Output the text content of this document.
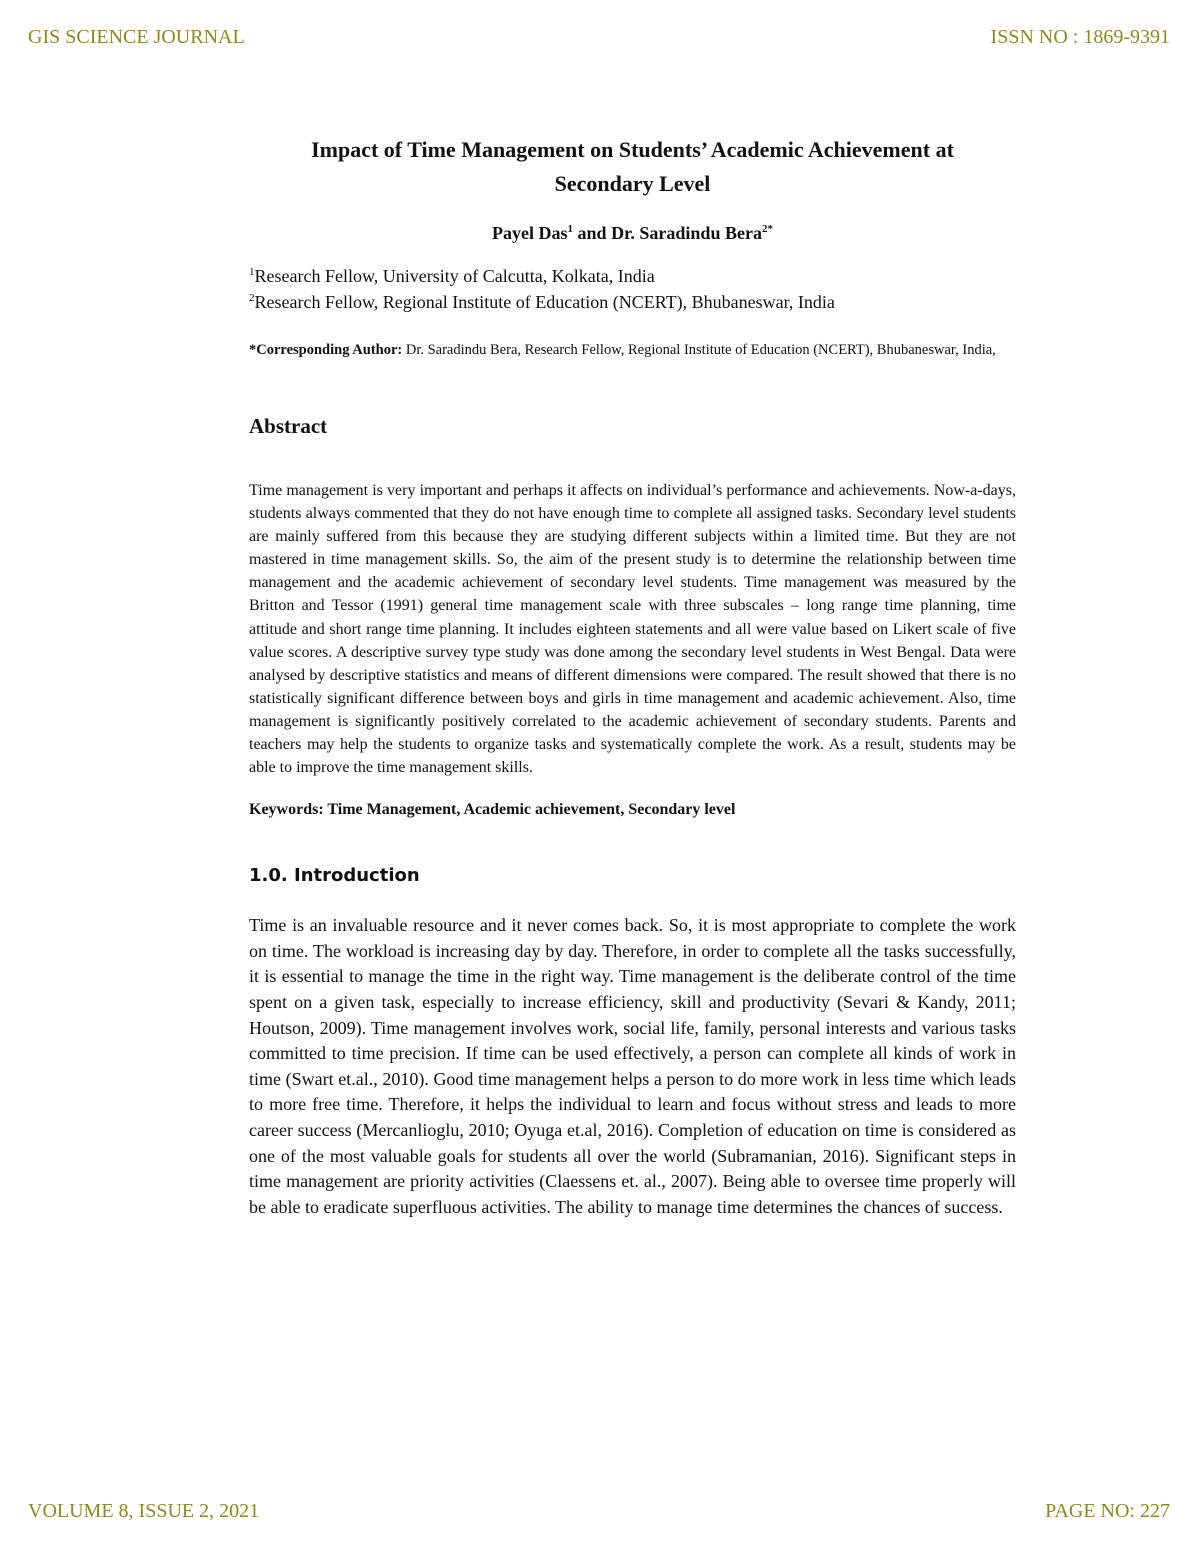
GIS SCIENCE JOURNAL	ISSN NO : 1869-9391
Impact of Time Management on Students’ Academic Achievement at
Secondary Level
Payel Das$^1$ and Dr. Saradindu Bera$^{2*}$
$^1$Research Fellow, University of Calcutta, Kolkata, India
$^2$Research Fellow, Regional Institute of Education (NCERT), Bhubaneswar, India
*Corresponding Author: Dr. Saradindu Bera, Research Fellow, Regional Institute of Education (NCERT), Bhubaneswar, India,
Abstract
Time management is very important and perhaps it affects on individual’s performance and achievements. Now-a-days, students always commented that they do not have enough time to complete all assigned tasks. Secondary level students are mainly suffered from this because they are studying different subjects within a limited time. But they are not mastered in time management skills. So, the aim of the present study is to determine the relationship between time management and the academic achievement of secondary level students. Time management was measured by the Britton and Tessor (1991) general time management scale with three subscales – long range time planning, time attitude and short range time planning. It includes eighteen statements and all were value based on Likert scale of five value scores. A descriptive survey type study was done among the secondary level students in West Bengal. Data were analysed by descriptive statistics and means of different dimensions were compared. The result showed that there is no statistically significant difference between boys and girls in time management and academic achievement. Also, time management is significantly positively correlated to the academic achievement of secondary students. Parents and teachers may help the students to organize tasks and systematically complete the work. As a result, students may be able to improve the time management skills.
Keywords: Time Management, Academic achievement, Secondary level
1.0. Introduction
Time is an invaluable resource and it never comes back. So, it is most appropriate to complete the work on time. The workload is increasing day by day. Therefore, in order to complete all the tasks successfully, it is essential to manage the time in the right way. Time management is the deliberate control of the time spent on a given task, especially to increase efficiency, skill and productivity (Sevari & Kandy, 2011; Houtson, 2009). Time management involves work, social life, family, personal interests and various tasks committed to time precision. If time can be used effectively, a person can complete all kinds of work in time (Swart et.al., 2010). Good time management helps a person to do more work in less time which leads to more free time. Therefore, it helps the individual to learn and focus without stress and leads to more career success (Mercanlioglu, 2010; Oyuga et.al, 2016). Completion of education on time is considered as one of the most valuable goals for students all over the world (Subramanian, 2016). Significant steps in time management are priority activities (Claessens et. al., 2007). Being able to oversee time properly will be able to eradicate superfluous activities. The ability to manage time determines the chances of success.
VOLUME 8, ISSUE 2, 2021	PAGE NO: 227
